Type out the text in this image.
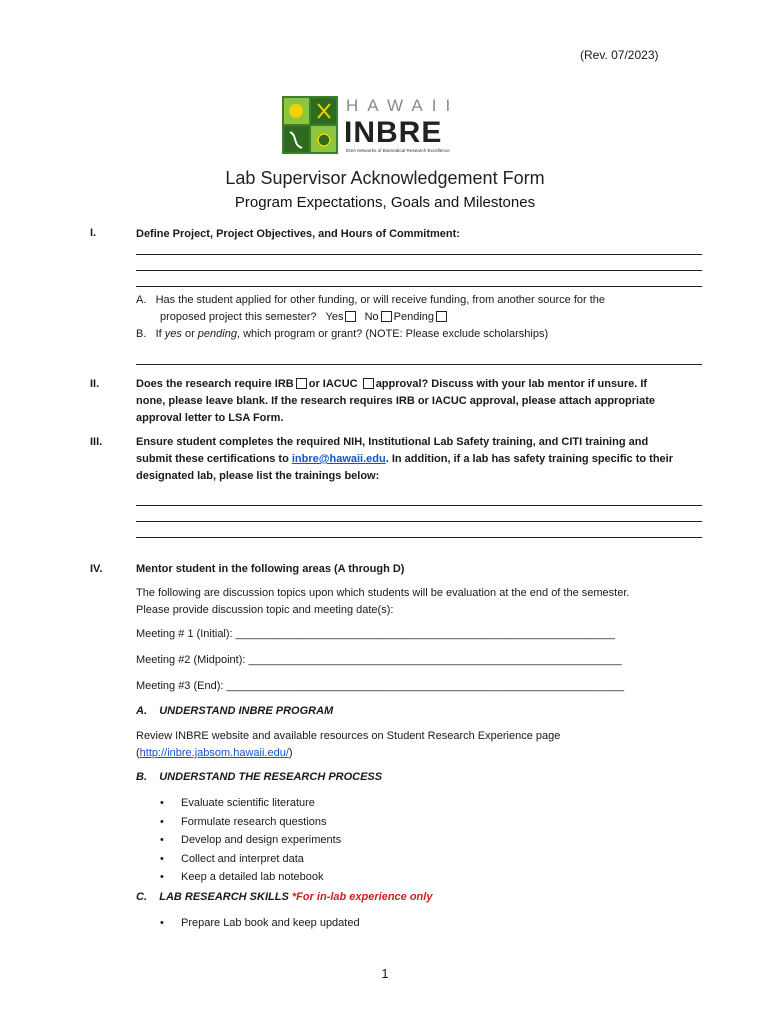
(Rev. 07/2023)
HAWAII
INBRE
IDeA Networks of Biomedical Research Excellence
Lab Supervisor Acknowledgement Form
Program Expectations, Goals and Milestones
I.	Define Project, Project Objectives, and Hours of Commitment:
A. Has the student applied for other funding, or will receive funding, from another source for the
proposed project this semester? Yes No Pending
B. If yes or pending, which program or grant? (NOTE: Please exclude scholarships)
II.	Does the research require IRB or IACUC approval? Discuss with your lab mentor if unsure. If
none, please leave blank. If the research requires IRB or IACUC approval, please attach appropriate
approval letter to LSA Form.
III.	Ensure student completes the required NIH, Institutional Lab Safety training, and CITI training and
submit these certifications to inbre@hawaii.edu. In addition, if a lab has safety training specific to their
designated lab, please list the trainings below:
IV.	Mentor student in the following areas (A through D)
The following are discussion topics upon which students will be evaluation at the end of the semester.
Please provide discussion topic and meeting date(s):
Meeting # 1 (Initial): ______________________________________________________________
Meeting #2 (Midpoint): _____________________________________________________________
Meeting #3 (End): _________________________________________________________________
A. UNDERSTAND INBRE PROGRAM
Review INBRE website and available resources on Student Research Experience page
(http://inbre.jabsom.hawaii.edu/)
B. UNDERSTAND THE RESEARCH PROCESS
• Evaluate scientific literature
• Formulate research questions
• Develop and design experiments
• Collect and interpret data
• Keep a detailed lab notebook
C. LAB RESEARCH SKILLS *For in-lab experience only
• Prepare Lab book and keep updated
1
